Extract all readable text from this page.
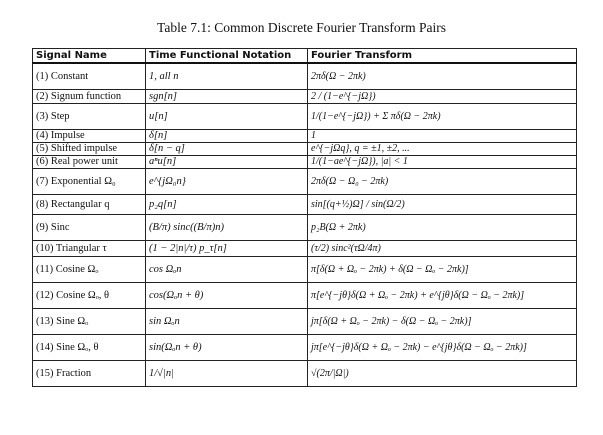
Table 7.1: Common Discrete Fourier Transform Pairs
Signal Name	Time Functional Notation	Fourier Transform
(1) Constant	1, all n	2πδ(Ω − 2πk)
(2) Signum function	sgn[n]	2 / (1−e^{−jΩ})
(3) Step	u[n]	1/(1−e^{−jΩ}) + Σ πδ(Ω − 2πk)
(4) Impulse	δ[n]	1
(5) Shifted impulse	δ[n − q]	e^{−jΩq}, q = ±1, ±2, ...
(6) Real power unit	aⁿu[n]	1/(1−ae^{−jΩ}), |a| < 1
(7) Exponential Ω₀	e^{jΩ₀n}	2πδ(Ω − Ω₀ − 2πk)
(8) Rectangular q	p₂q[n]	sin[(q+½)Ω] / sin(Ω/2)
(9) Sinc	(B/π) sinc((B/π)n)	p₂B(Ω + 2πk)
(10) Triangular τ	(1 − 2|n|/τ) p_τ[n]	(τ/2) sinc²(τΩ/4π)
(11) Cosine Ωₒ	cos Ωₒn	π[δ(Ω + Ωₒ − 2πk) + δ(Ω − Ωₒ − 2πk)]
(12) Cosine Ωₒ, θ	cos(Ωₒn + θ)	π[e^{−jθ}δ(Ω + Ωₒ − 2πk) + e^{jθ}δ(Ω − Ωₒ − 2πk)]
(13) Sine Ωₒ	sin Ωₒn	jπ[δ(Ω + Ωₒ − 2πk) − δ(Ω − Ωₒ − 2πk)]
(14) Sine Ωₒ, θ	sin(Ωₒn + θ)	jπ[e^{−jθ}δ(Ω + Ωₒ − 2πk) − e^{jθ}δ(Ω − Ωₒ − 2πk)]
(15) Fraction	1/√|n|	√(2π/|Ω|)
